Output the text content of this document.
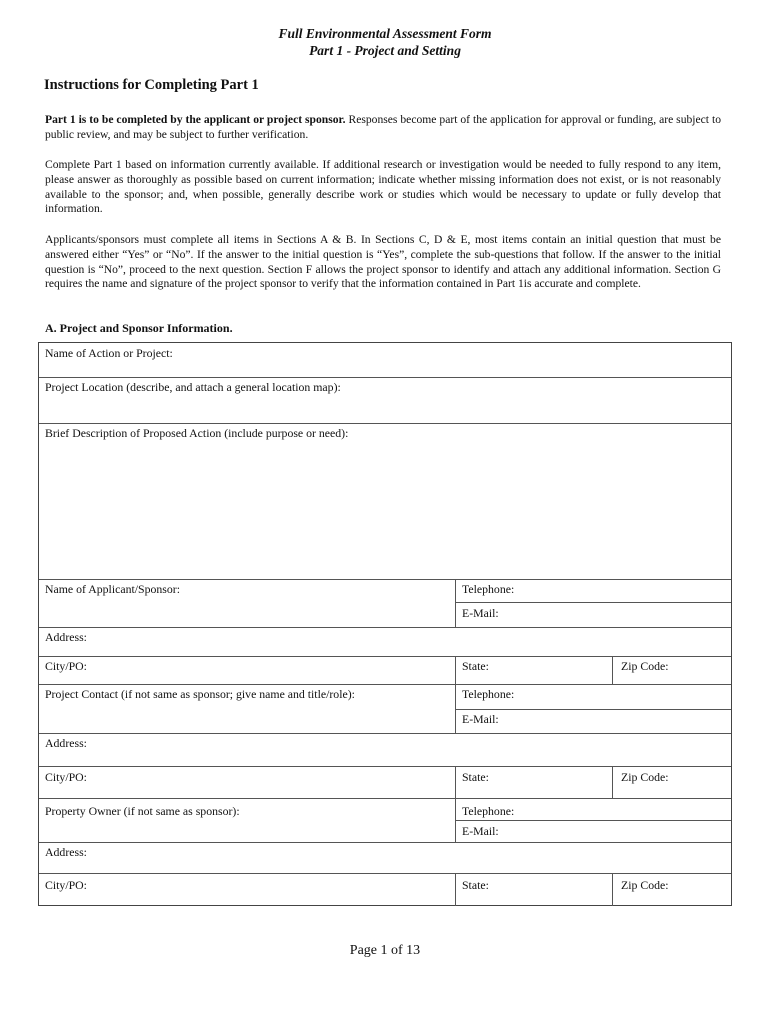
Full Environmental Assessment Form
Part 1 - Project and Setting
Instructions for Completing Part 1
Part 1 is to be completed by the applicant or project sponsor. Responses become part of the application for approval or funding, are subject to public review, and may be subject to further verification.
Complete Part 1 based on information currently available. If additional research or investigation would be needed to fully respond to any item, please answer as thoroughly as possible based on current information; indicate whether missing information does not exist, or is not reasonably available to the sponsor; and, when possible, generally describe work or studies which would be necessary to update or fully develop that information.
Applicants/sponsors must complete all items in Sections A & B. In Sections C, D & E, most items contain an initial question that must be answered either “Yes” or “No”. If the answer to the initial question is “Yes”, complete the sub-questions that follow. If the answer to the initial question is “No”, proceed to the next question. Section F allows the project sponsor to identify and attach any additional information. Section G requires the name and signature of the project sponsor to verify that the information contained in Part 1is accurate and complete.
A. Project and Sponsor Information.
Name of Action or Project:
Project Location (describe, and attach a general location map):
Brief Description of Proposed Action (include purpose or need):
Name of Applicant/Sponsor:	Telephone:
E-Mail:
Address:
City/PO:	State:	Zip Code:
Project Contact (if not same as sponsor; give name and title/role):	Telephone:
E-Mail:
Address:
City/PO:	State:	Zip Code:
Property Owner (if not same as sponsor):	Telephone:
E-Mail:
Address:
City/PO:	State:	Zip Code:
Page 1 of 13
